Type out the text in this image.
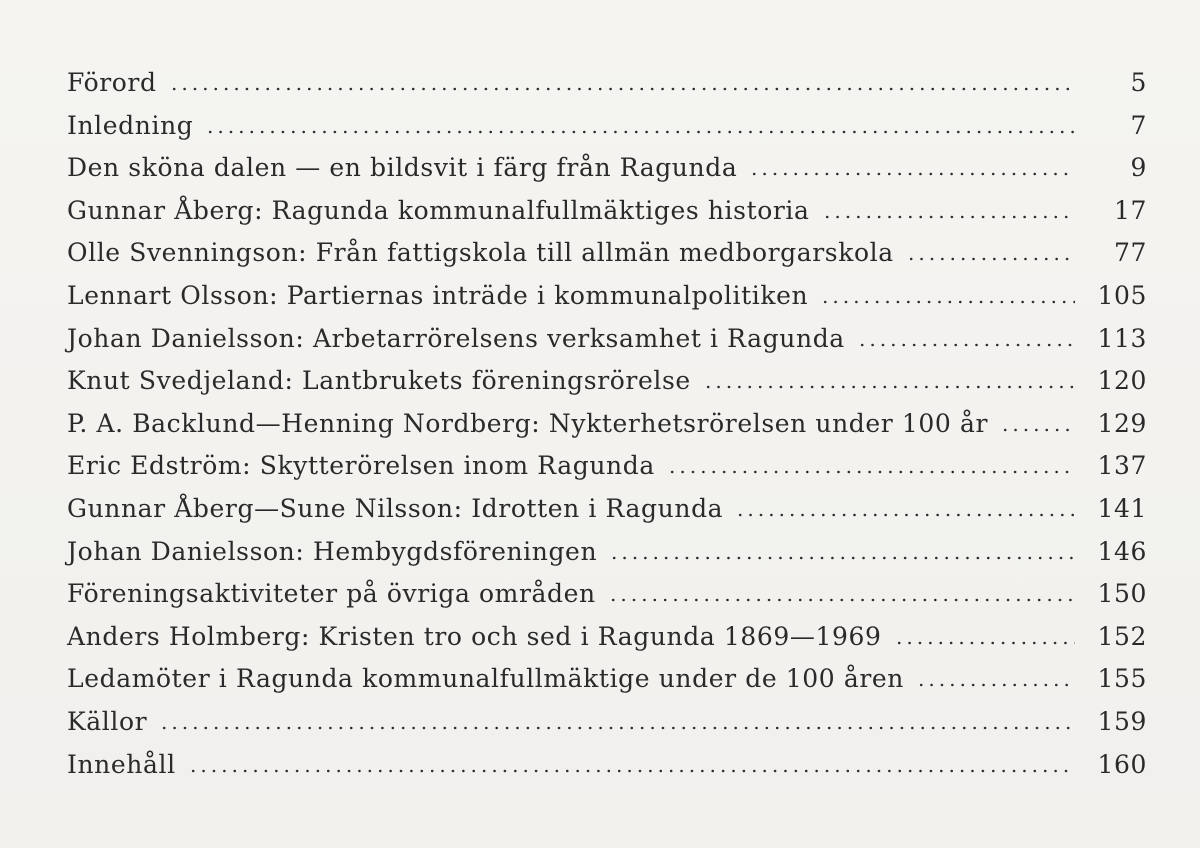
Förord	5
Inledning	7
Den sköna dalen — en bildsvit i färg från Ragunda	9
Gunnar Åberg: Ragunda kommunalfullmäktiges historia	17
Olle Svenningson: Från fattigskola till allmän medborgarskola	77
Lennart Olsson: Partiernas inträde i kommunalpolitiken	105
Johan Danielsson: Arbetarrörelsens verksamhet i Ragunda	113
Knut Svedjeland: Lantbrukets föreningsrörelse	120
P. A. Backlund—Henning Nordberg: Nykterhetsrörelsen under 100 år	129
Eric Edström: Skytterörelsen inom Ragunda	137
Gunnar Åberg—Sune Nilsson: Idrotten i Ragunda	141
Johan Danielsson: Hembygdsföreningen	146
Föreningsaktiviteter på övriga områden	150
Anders Holmberg: Kristen tro och sed i Ragunda 1869—1969	152
Ledamöter i Ragunda kommunalfullmäktige under de 100 åren	155
Källor	159
Innehåll	160
